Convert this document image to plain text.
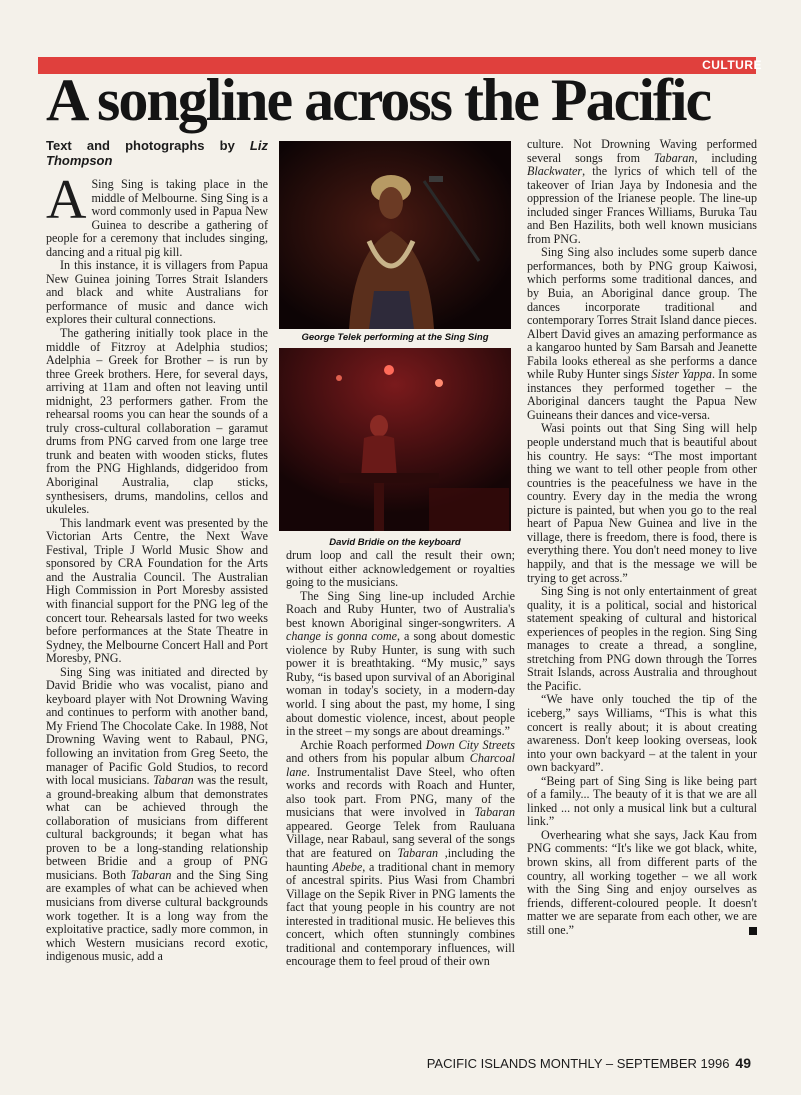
CULTURE
A songline across the Pacific
Text and photographs by Liz Thompson

A Sing Sing is taking place in the middle of Melbourne. Sing Sing is a word commonly used in Papua New Guinea to describe a gathering of people for a ceremony that includes singing, dancing and a ritual pig kill.

In this instance, it is villagers from Papua New Guinea joining Torres Strait Islanders and black and white Australians for performance of music and dance wich explores their cultural connections.

The gathering initially took place in the middle of Fitzroy at Adelphia studios; Adelphia – Greek for Brother – is run by three Greek brothers. Here, for several days, arriving at 11am and often not leaving until midnight, 23 performers gather. From the rehearsal rooms you can hear the sounds of a truly cross-cultural collaboration – garamut drums from PNG carved from one large tree trunk and beaten with wooden sticks, flutes from the PNG Highlands, didgeridoo from Aboriginal Australia, clap sticks, synthesisers, drums, mandolins, cellos and ukuleles.

This landmark event was presented by the Victorian Arts Centre, the Next Wave Festival, Triple J World Music Show and sponsored by CRA Foundation for the Arts and the Australia Council. The Australian High Commission in Port Moresby assisted with financial support for the PNG leg of the concert tour. Rehearsals lasted for two weeks before performances at the State Theatre in Sydney, the Melbourne Concert Hall and Port Moresby, PNG.

Sing Sing was initiated and directed by David Bridie who was vocalist, piano and keyboard player with Not Drowning Waving and continues to perform with another band, My Friend The Chocolate Cake. In 1988, Not Drowning Waving went to Rabaul, PNG, following an invitation from Greg Seeto, the manager of Pacific Gold Studios, to record with local musicians. Tabaran was the result, a ground-breaking album that demonstrates what can be achieved through the collaboration of musicians from different cultural backgrounds; it began what has proven to be a long-standing relationship between Bridie and a group of PNG musicians. Both Tabaran and the Sing Sing are examples of what can be achieved when musicians from diverse cultural backgrounds work together. It is a long way from the exploitative practice, sadly more common, in which Western musicians record exotic, indigenous music, add a

George Telek performing at the Sing Sing
David Bridie on the keyboard

drum loop and call the result their own; without either acknowledgement or royalties going to the musicians.

The Sing Sing line-up included Archie Roach and Ruby Hunter, two of Australia's best known Aboriginal singer-songwriters. A change is gonna come, a song about domestic violence by Ruby Hunter, is sung with such power it is breathtaking. “My music,” says Ruby, “is based upon survival of an Aboriginal woman in today's society, in a modern-day world. I sing about the past, my home, I sing about domestic violence, incest, about people in the street – my songs are about dreamings.”

Archie Roach performed Down City Streets and others from his popular album Charcoal lane. Instrumentalist Dave Steel, who often works and records with Roach and Hunter, also took part. From PNG, many of the musicians that were involved in Tabaran appeared. George Telek from Rauluana Village, near Rabaul, sang several of the songs that are featured on Tabaran ,including the haunting Abebe, a traditional chant in memory of ancestral spirits. Pius Wasi from Chambri Village on the Sepik River in PNG laments the fact that young people in his country are not interested in traditional music. He believes this concert, which often stunningly combines traditional and contemporary influences, will encourage them to feel proud of their own

culture. Not Drowning Waving performed several songs from Tabaran, including Blackwater, the lyrics of which tell of the takeover of Irian Jaya by Indonesia and the oppression of the Irianese people. The line-up included singer Frances Williams, Buruka Tau and Ben Hazilits, both well known musicians from PNG.

Sing Sing also includes some superb dance performances, both by PNG group Kaiwosi, which performs some traditional dances, and by Buia, an Aboriginal dance group. The dances incorporate traditional and contemporary Torres Strait Island dance pieces. Albert David gives an amazing performance as a kangaroo hunted by Sam Barsah and Jeanette Fabila looks ethereal as she performs a dance while Ruby Hunter sings Sister Yappa. In some instances they performed together – the Aboriginal dancers taught the Papua New Guineans their dances and vice-versa.

Wasi points out that Sing Sing will help people understand much that is beautiful about his country. He says: “The most important thing we want to tell other people from other countries is the peacefulness we have in the country. Every day in the media the wrong picture is painted, but when you go to the real heart of Papua New Guinea and live in the village, there is freedom, there is food, there is everything there. You don't need money to live happily, and that is the message we will be trying to get across.”

Sing Sing is not only entertainment of great quality, it is a political, social and historical statement speaking of cultural and historical experiences of peoples in the region. Sing Sing manages to create a thread, a songline, stretching from PNG down through the Torres Strait Islands, across Australia and throughout the Pacific.

“We have only touched the tip of the iceberg,” says Williams, “This is what this concert is really about; it is about creating awareness. Don't keep looking overseas, look into your own backyard – at the talent in your own backyard”.

“Being part of Sing Sing is like being part of a family... The beauty of it is that we are all linked ... not only a musical link but a cultural link.”

Overhearing what she says, Jack Kau from PNG comments: “It's like we got black, white, brown skins, all from different parts of the country, all working together – we all work with the Sing Sing and enjoy ourselves as friends, different-coloured people. It doesn't matter we are separate from each other, we are still one.”

PACIFIC ISLANDS MONTHLY – SEPTEMBER 1996 49
